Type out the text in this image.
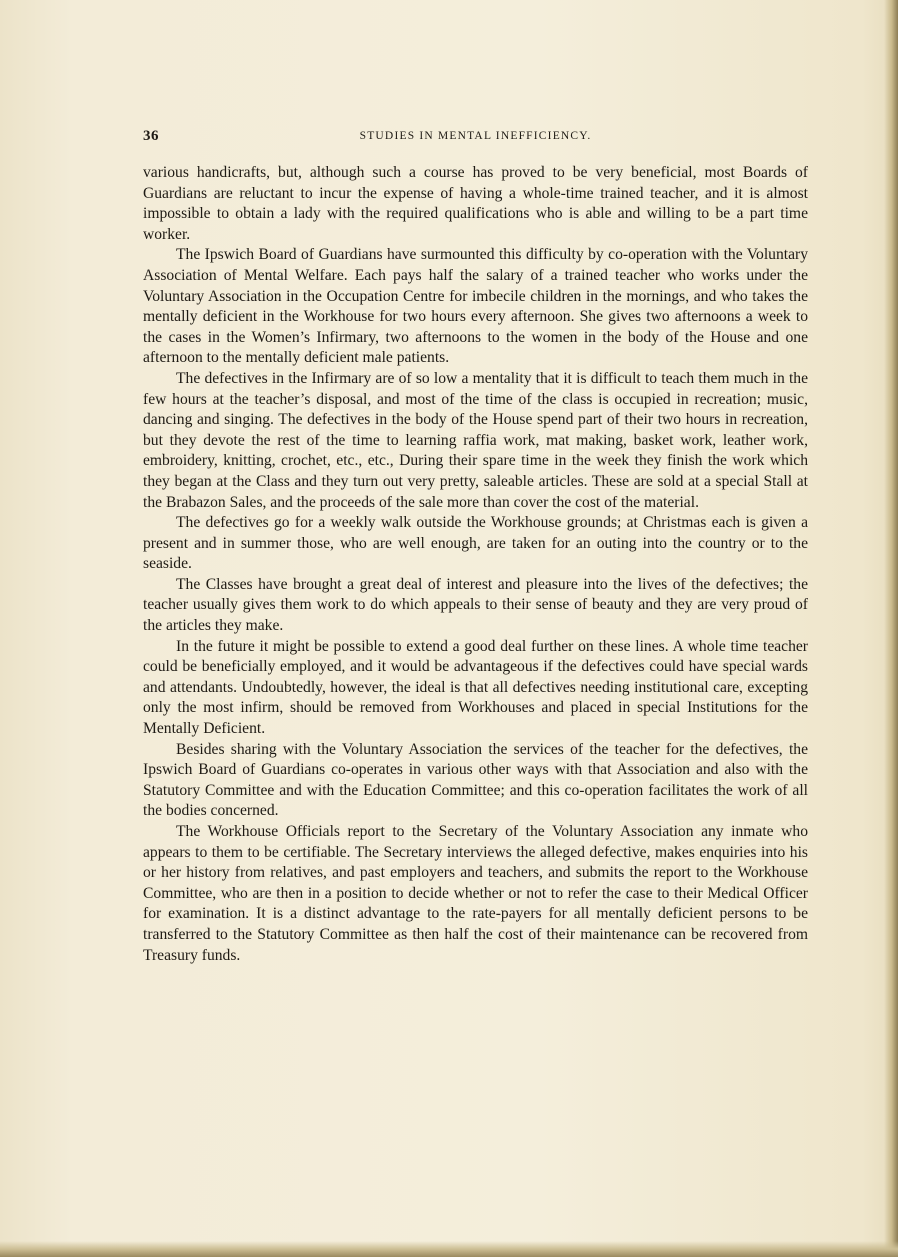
36	STUDIES IN MENTAL INEFFICIENCY.

various handicrafts, but, although such a course has proved to be very beneficial, most Boards of Guardians are reluctant to incur the expense of having a whole-time trained teacher, and it is almost impossible to obtain a lady with the required qualifications who is able and willing to be a part time worker.

The Ipswich Board of Guardians have surmounted this difficulty by co-operation with the Voluntary Association of Mental Welfare. Each pays half the salary of a trained teacher who works under the Voluntary Association in the Occupation Centre for imbecile children in the mornings, and who takes the mentally deficient in the Workhouse for two hours every afternoon. She gives two afternoons a week to the cases in the Women’s Infirmary, two afternoons to the women in the body of the House and one afternoon to the mentally deficient male patients.

The defectives in the Infirmary are of so low a mentality that it is difficult to teach them much in the few hours at the teacher’s disposal, and most of the time of the class is occupied in recreation; music, dancing and singing. The defectives in the body of the House spend part of their two hours in recreation, but they devote the rest of the time to learning raffia work, mat making, basket work, leather work, embroidery, knitting, crochet, etc., etc., During their spare time in the week they finish the work which they began at the Class and they turn out very pretty, saleable articles. These are sold at a special Stall at the Brabazon Sales, and the proceeds of the sale more than cover the cost of the material.

The defectives go for a weekly walk outside the Workhouse grounds; at Christmas each is given a present and in summer those, who are well enough, are taken for an outing into the country or to the seaside.

The Classes have brought a great deal of interest and pleasure into the lives of the defectives; the teacher usually gives them work to do which appeals to their sense of beauty and they are very proud of the articles they make.

In the future it might be possible to extend a good deal further on these lines. A whole time teacher could be beneficially employed, and it would be advantageous if the defectives could have special wards and attendants. Undoubtedly, however, the ideal is that all defectives needing institutional care, excepting only the most infirm, should be removed from Workhouses and placed in special Institutions for the Mentally Deficient.

Besides sharing with the Voluntary Association the services of the teacher for the defectives, the Ipswich Board of Guardians co-operates in various other ways with that Association and also with the Statutory Committee and with the Education Committee; and this co-operation facilitates the work of all the bodies concerned.

The Workhouse Officials report to the Secretary of the Voluntary Association any inmate who appears to them to be certifiable. The Secretary interviews the alleged defective, makes enquiries into his or her history from relatives, and past employers and teachers, and submits the report to the Workhouse Committee, who are then in a position to decide whether or not to refer the case to their Medical Officer for examination. It is a distinct advantage to the rate-payers for all mentally deficient persons to be transferred to the Statutory Committee as then half the cost of their maintenance can be recovered from Treasury funds.
